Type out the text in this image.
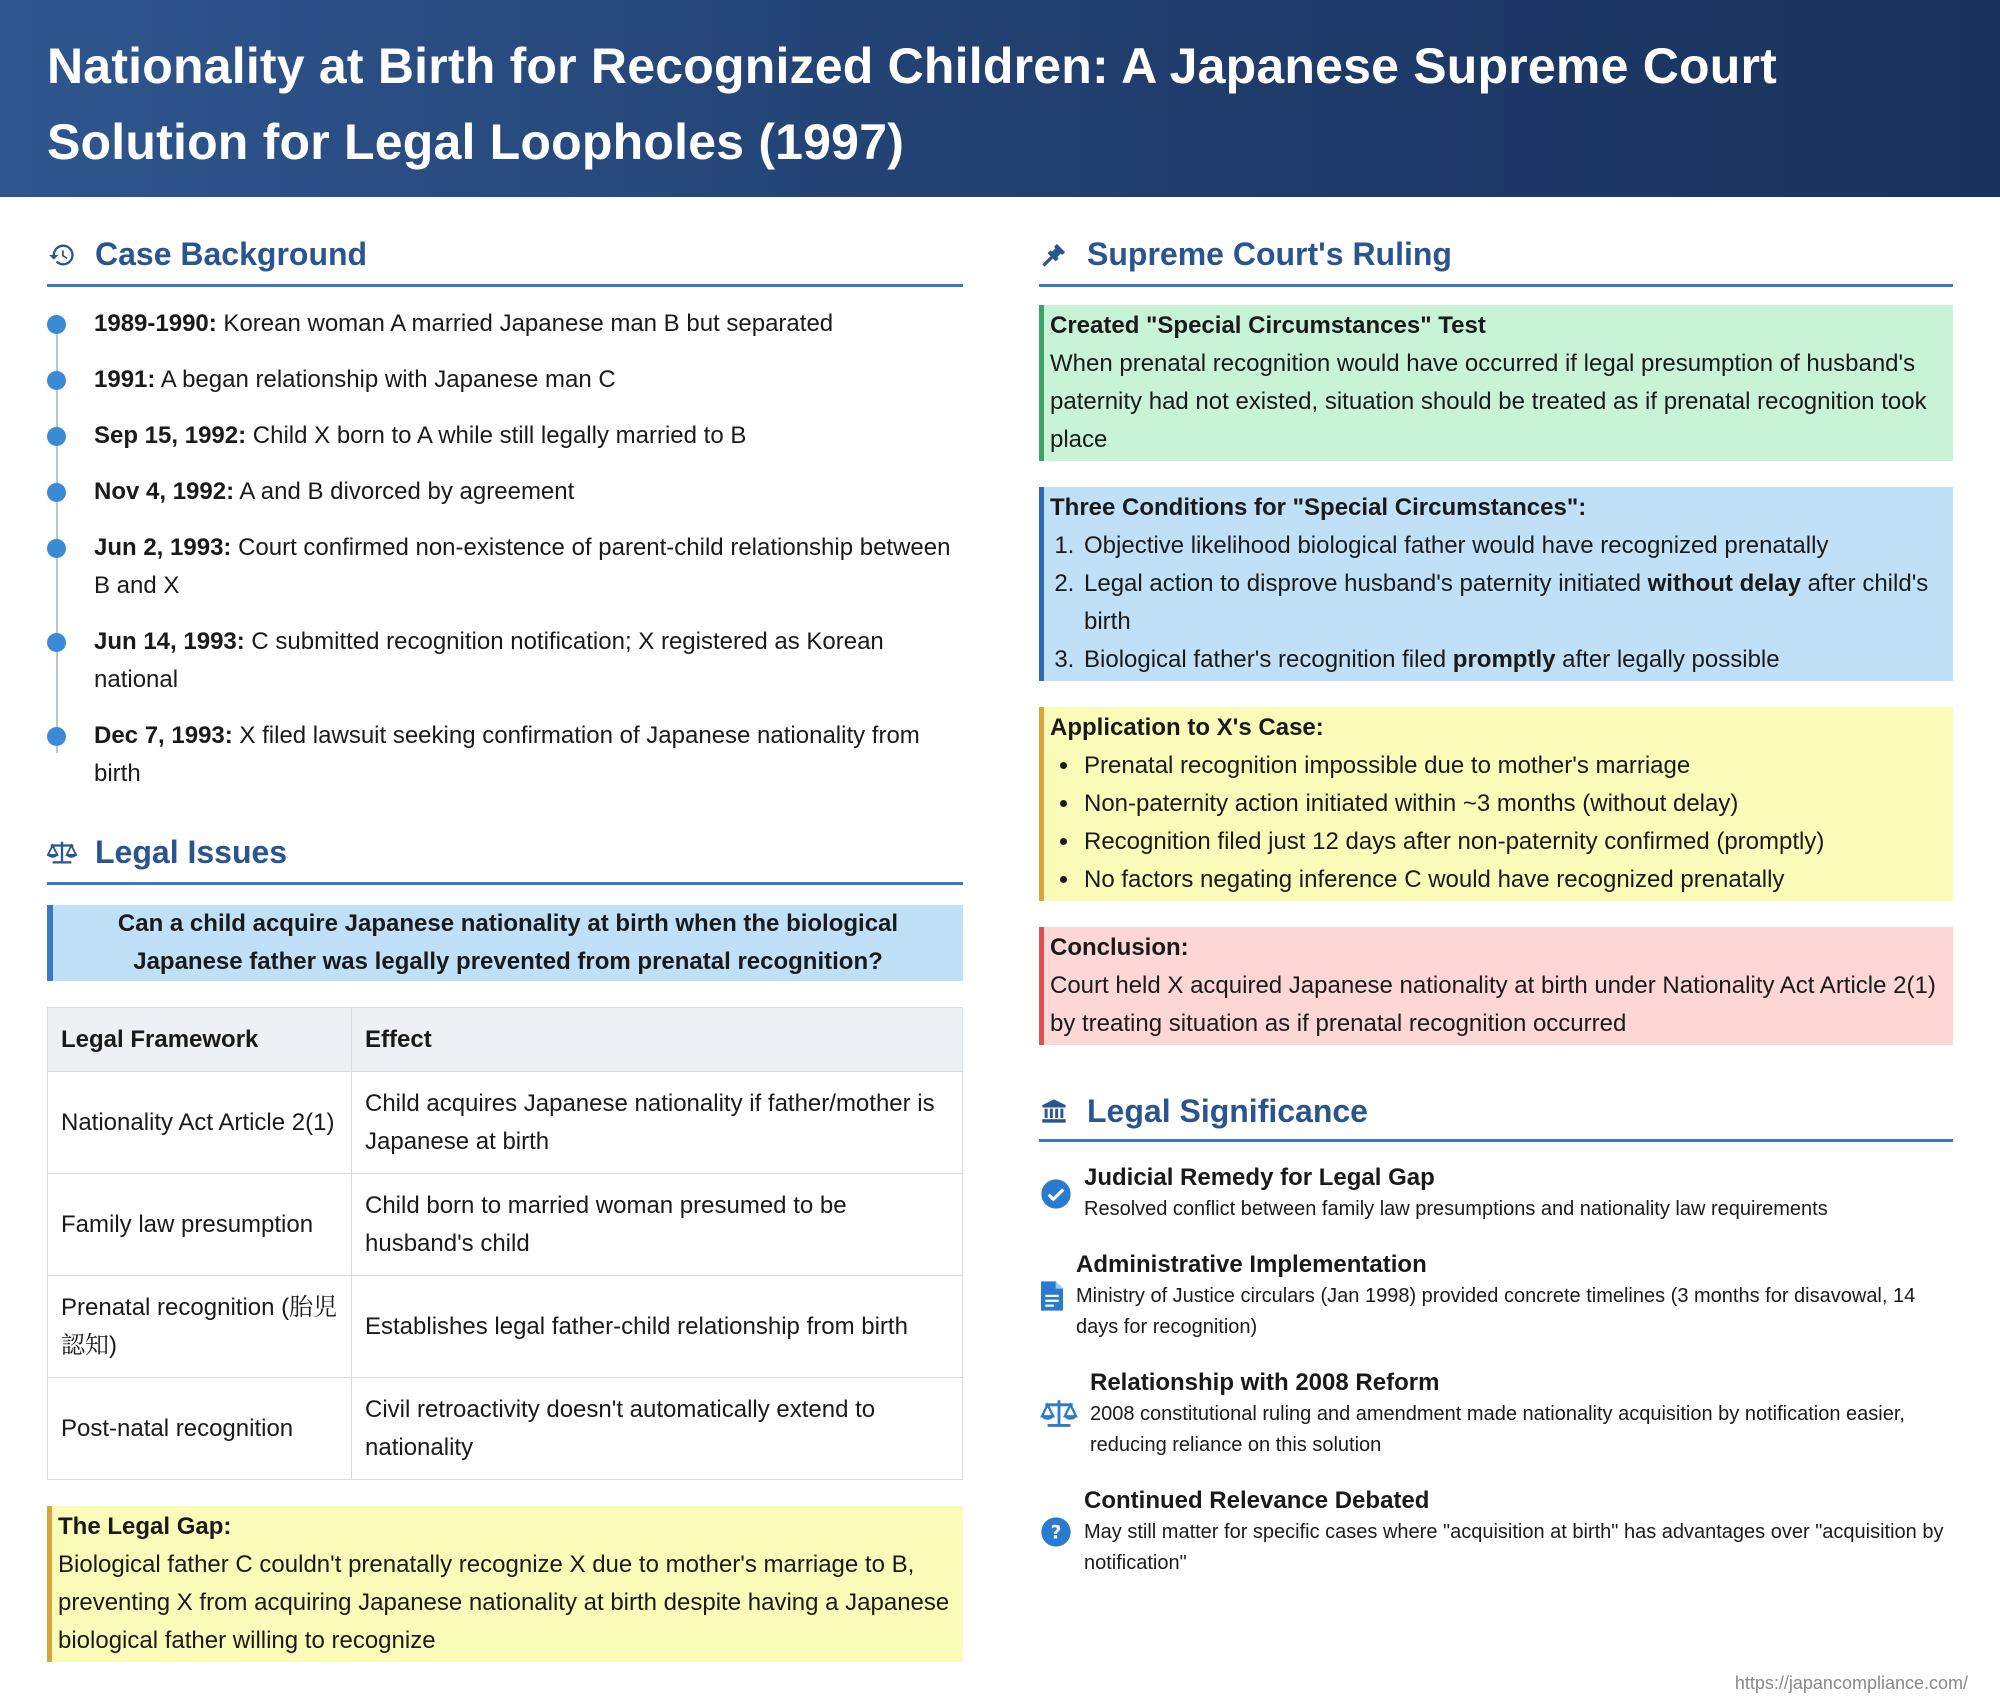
Nationality at Birth for Recognized Children: A Japanese Supreme Court Solution for Legal Loopholes (1997)
Case Background
1989-1990: Korean woman A married Japanese man B but separated
1991: A began relationship with Japanese man C
Sep 15, 1992: Child X born to A while still legally married to B
Nov 4, 1992: A and B divorced by agreement
Jun 2, 1993: Court confirmed non-existence of parent-child relationship between B and X
Jun 14, 1993: C submitted recognition notification; X registered as Korean national
Dec 7, 1993: X filed lawsuit seeking confirmation of Japanese nationality from birth
Legal Issues
Can a child acquire Japanese nationality at birth when the biological Japanese father was legally prevented from prenatal recognition?
Legal Framework	Effect
Nationality Act Article 2(1)	Child acquires Japanese nationality if father/mother is Japanese at birth
Family law presumption	Child born to married woman presumed to be husband's child
Prenatal recognition (胎児認知)	Establishes legal father-child relationship from birth
Post-natal recognition	Civil retroactivity doesn't automatically extend to nationality
The Legal Gap:
Biological father C couldn't prenatally recognize X due to mother's marriage to B, preventing X from acquiring Japanese nationality at birth despite having a Japanese biological father willing to recognize
Supreme Court's Ruling
Created "Special Circumstances" Test
When prenatal recognition would have occurred if legal presumption of husband's paternity had not existed, situation should be treated as if prenatal recognition took place
Three Conditions for "Special Circumstances":
1. Objective likelihood biological father would have recognized prenatally
2. Legal action to disprove husband's paternity initiated without delay after child's birth
3. Biological father's recognition filed promptly after legally possible
Application to X's Case:
• Prenatal recognition impossible due to mother's marriage
• Non-paternity action initiated within ~3 months (without delay)
• Recognition filed just 12 days after non-paternity confirmed (promptly)
• No factors negating inference C would have recognized prenatally
Conclusion:
Court held X acquired Japanese nationality at birth under Nationality Act Article 2(1) by treating situation as if prenatal recognition occurred
Legal Significance
Judicial Remedy for Legal Gap
Resolved conflict between family law presumptions and nationality law requirements
Administrative Implementation
Ministry of Justice circulars (Jan 1998) provided concrete timelines (3 months for disavowal, 14 days for recognition)
Relationship with 2008 Reform
2008 constitutional ruling and amendment made nationality acquisition by notification easier, reducing reliance on this solution
?
Continued Relevance Debated
May still matter for specific cases where "acquisition at birth" has advantages over "acquisition by notification"
https://japancompliance.com/
